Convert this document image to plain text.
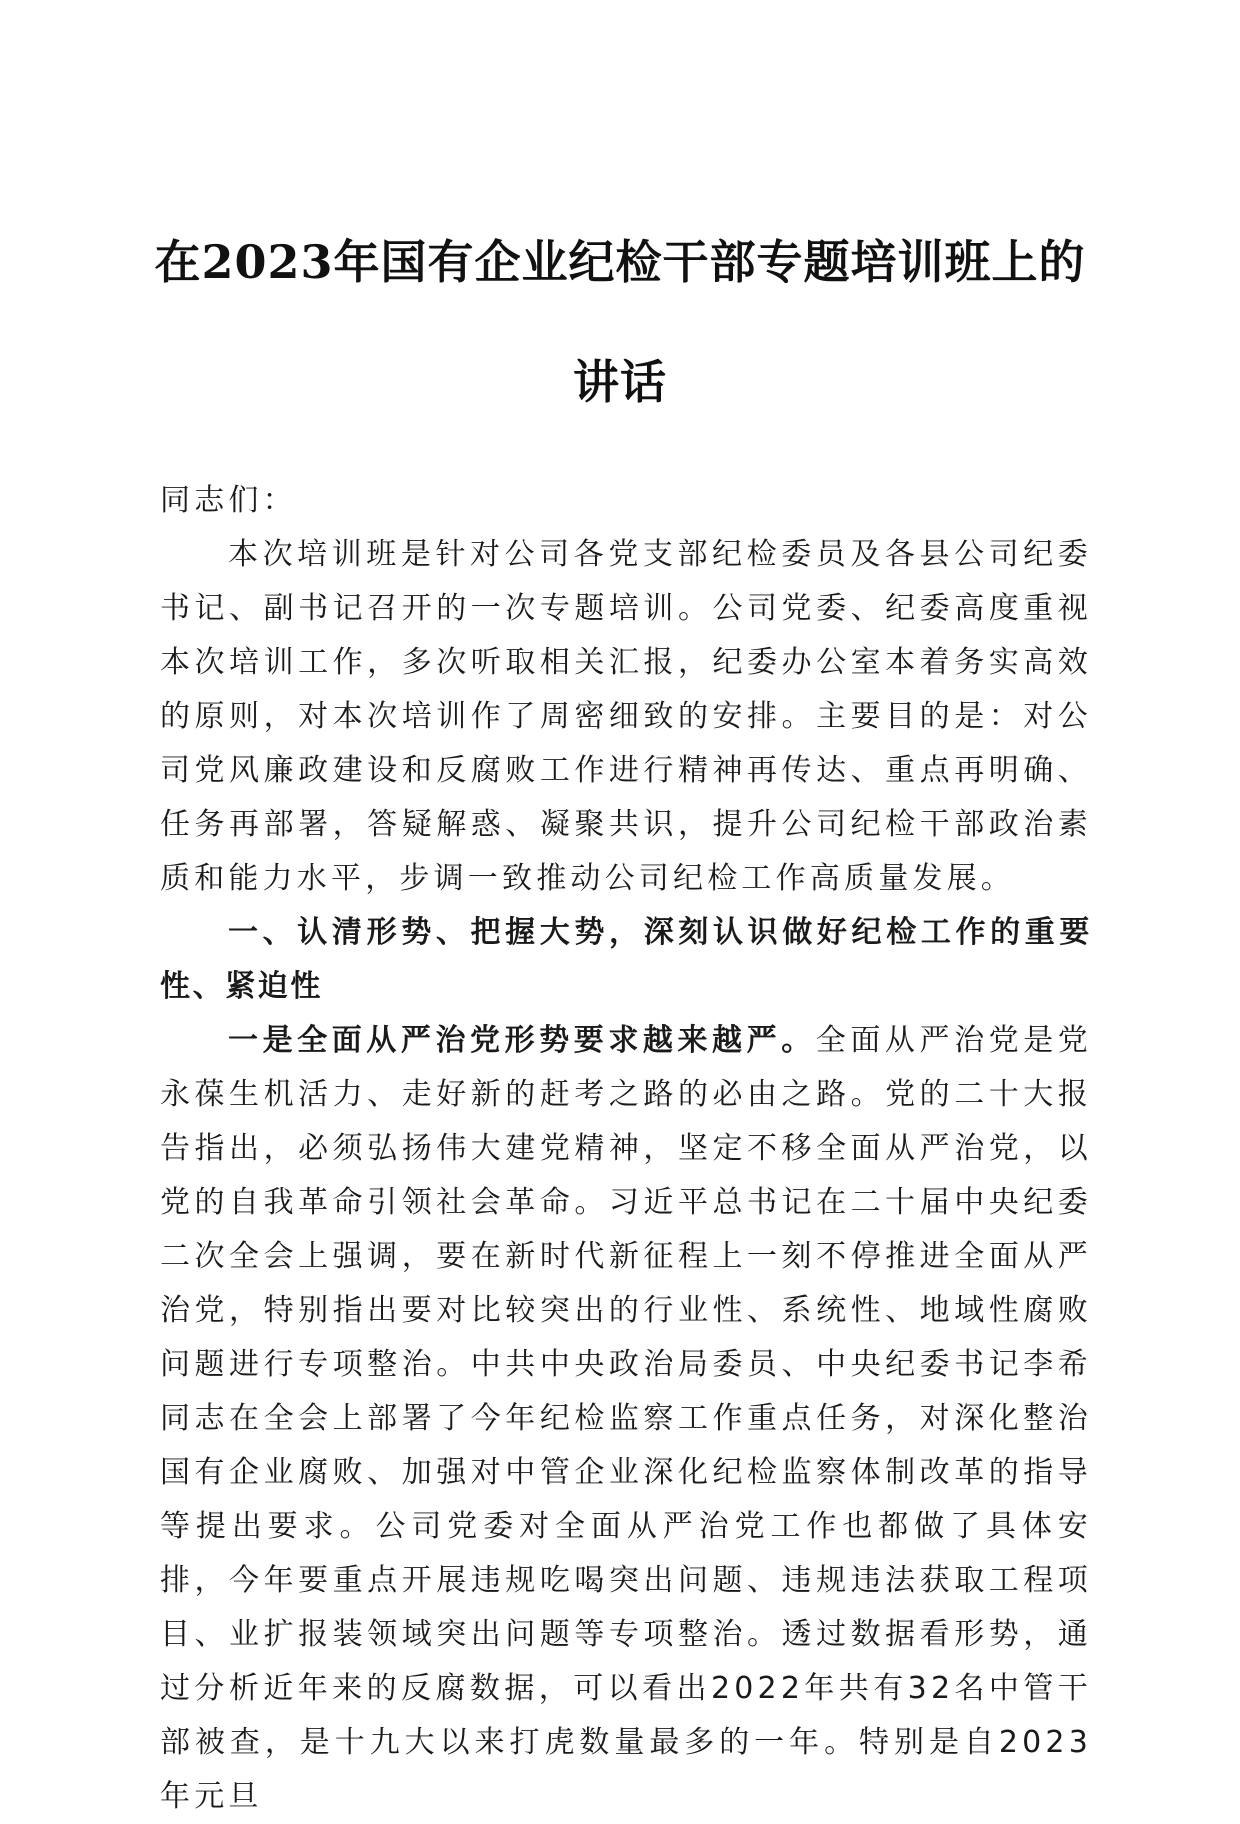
在2023年国有企业纪检干部专题培训班上的
讲话

同志们：

本次培训班是针对公司各党支部纪检委员及各县公司纪委书记、副书记召开的一次专题培训。公司党委、纪委高度重视本次培训工作，多次听取相关汇报，纪委办公室本着务实高效的原则，对本次培训作了周密细致的安排。主要目的是：对公司党风廉政建设和反腐败工作进行精神再传达、重点再明确、任务再部署，答疑解惑、凝聚共识，提升公司纪检干部政治素质和能力水平，步调一致推动公司纪检工作高质量发展。

一、认清形势、把握大势，深刻认识做好纪检工作的重要性、紧迫性

一是全面从严治党形势要求越来越严。全面从严治党是党永葆生机活力、走好新的赶考之路的必由之路。党的二十大报告指出，必须弘扬伟大建党精神，坚定不移全面从严治党，以党的自我革命引领社会革命。习近平总书记在二十届中央纪委二次全会上强调，要在新时代新征程上一刻不停推进全面从严治党，特别指出要对比较突出的行业性、系统性、地域性腐败问题进行专项整治。中共中央政治局委员、中央纪委书记李希同志在全会上部署了今年纪检监察工作重点任务，对深化整治国有企业腐败、加强对中管企业深化纪检监察体制改革的指导等提出要求。公司党委对全面从严治党工作也都做了具体安排，今年要重点开展违规吃喝突出问题、违规违法获取工程项目、业扩报装领域突出问题等专项整治。透过数据看形势，通过分析近年来的反腐数据，可以看出2022年共有32名中管干部被查，是十九大以来打虎数量最多的一年。特别是自2023年元旦
